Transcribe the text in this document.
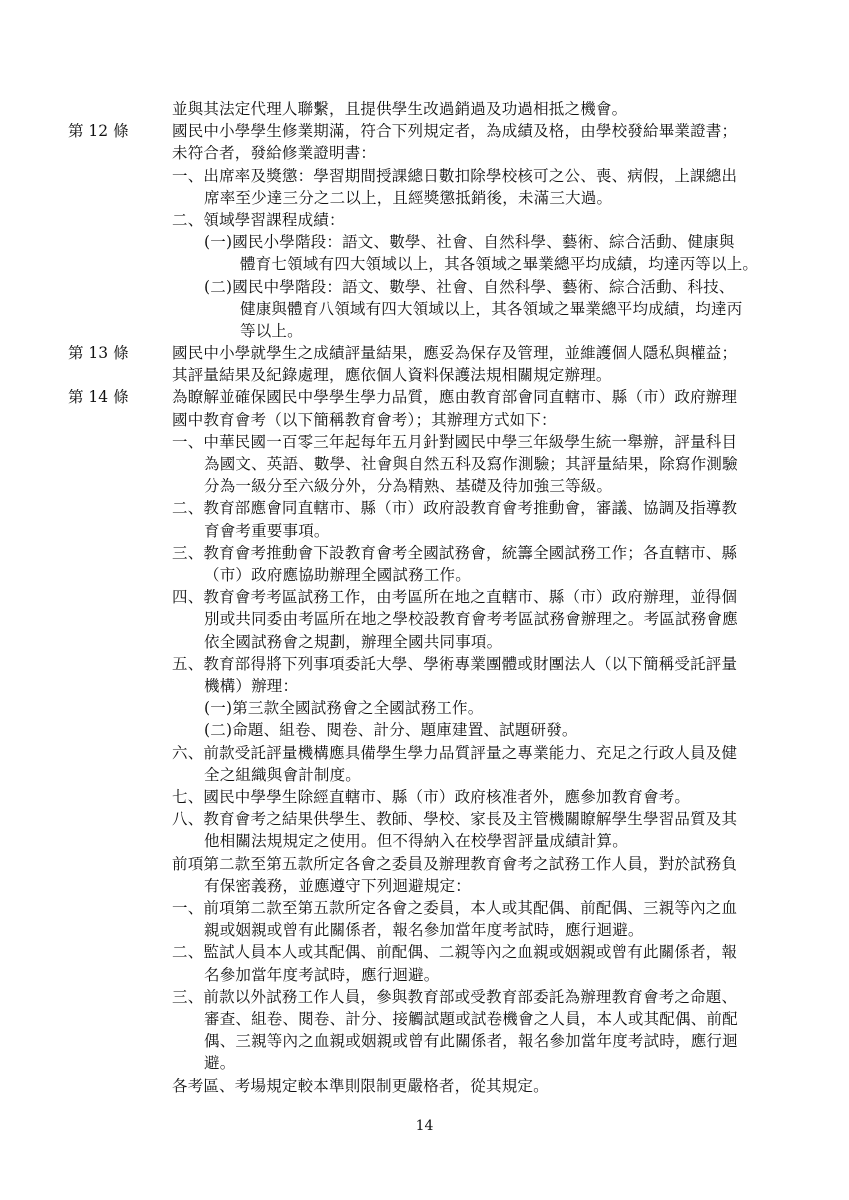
第 12 條
第 13 條
第 14 條
並與其法定代理人聯繫，且提供學生改過銷過及功過相抵之機會。
國民中小學學生修業期滿，符合下列規定者，為成績及格，由學校發給畢業證書；
未符合者，發給修業證明書：
一、出席率及獎懲：學習期間授課總日數扣除學校核可之公、喪、病假，上課總出
席率至少達三分之二以上，且經獎懲抵銷後，未滿三大過。
二、領域學習課程成績：
(一)國民小學階段：語文、數學、社會、自然科學、藝術、綜合活動、健康與
體育七領域有四大領域以上，其各領域之畢業總平均成績，均達丙等以上。
(二)國民中學階段：語文、數學、社會、自然科學、藝術、綜合活動、科技、
健康與體育八領域有四大領域以上，其各領域之畢業總平均成績，均達丙
等以上。
國民中小學就學生之成績評量結果，應妥為保存及管理，並維護個人隱私與權益；
其評量結果及紀錄處理，應依個人資料保護法規相關規定辦理。
為瞭解並確保國民中學學生學力品質，應由教育部會同直轄市、縣（市）政府辦理
國中教育會考（以下簡稱教育會考）；其辦理方式如下：
一、中華民國一百零三年起每年五月針對國民中學三年級學生統一舉辦，評量科目
為國文、英語、數學、社會與自然五科及寫作測驗；其評量結果，除寫作測驗
分為一級分至六級分外，分為精熟、基礎及待加強三等級。
二、教育部應會同直轄市、縣（市）政府設教育會考推動會，審議、協調及指導教
育會考重要事項。
三、教育會考推動會下設教育會考全國試務會，統籌全國試務工作；各直轄市、縣
（市）政府應協助辦理全國試務工作。
四、教育會考考區試務工作，由考區所在地之直轄市、縣（市）政府辦理，並得個
別或共同委由考區所在地之學校設教育會考考區試務會辦理之。考區試務會應
依全國試務會之規劃，辦理全國共同事項。
五、教育部得將下列事項委託大學、學術專業團體或財團法人（以下簡稱受託評量
機構）辦理：
(一)第三款全國試務會之全國試務工作。
(二)命題、組卷、閱卷、計分、題庫建置、試題研發。
六、前款受託評量機構應具備學生學力品質評量之專業能力、充足之行政人員及健
全之組織與會計制度。
七、國民中學學生除經直轄市、縣（市）政府核准者外，應參加教育會考。
八、教育會考之結果供學生、教師、學校、家長及主管機關瞭解學生學習品質及其
他相關法規規定之使用。但不得納入在校學習評量成績計算。
前項第二款至第五款所定各會之委員及辦理教育會考之試務工作人員，對於試務負
有保密義務，並應遵守下列迴避規定：
一、前項第二款至第五款所定各會之委員，本人或其配偶、前配偶、三親等內之血
親或姻親或曾有此關係者，報名參加當年度考試時，應行迴避。
二、監試人員本人或其配偶、前配偶、二親等內之血親或姻親或曾有此關係者，報
名參加當年度考試時，應行迴避。
三、前款以外試務工作人員，參與教育部或受教育部委託為辦理教育會考之命題、
審查、組卷、閱卷、計分、接觸試題或試卷機會之人員，本人或其配偶、前配
偶、三親等內之血親或姻親或曾有此關係者，報名參加當年度考試時，應行迴
避。
各考區、考場規定較本準則限制更嚴格者，從其規定。
14
